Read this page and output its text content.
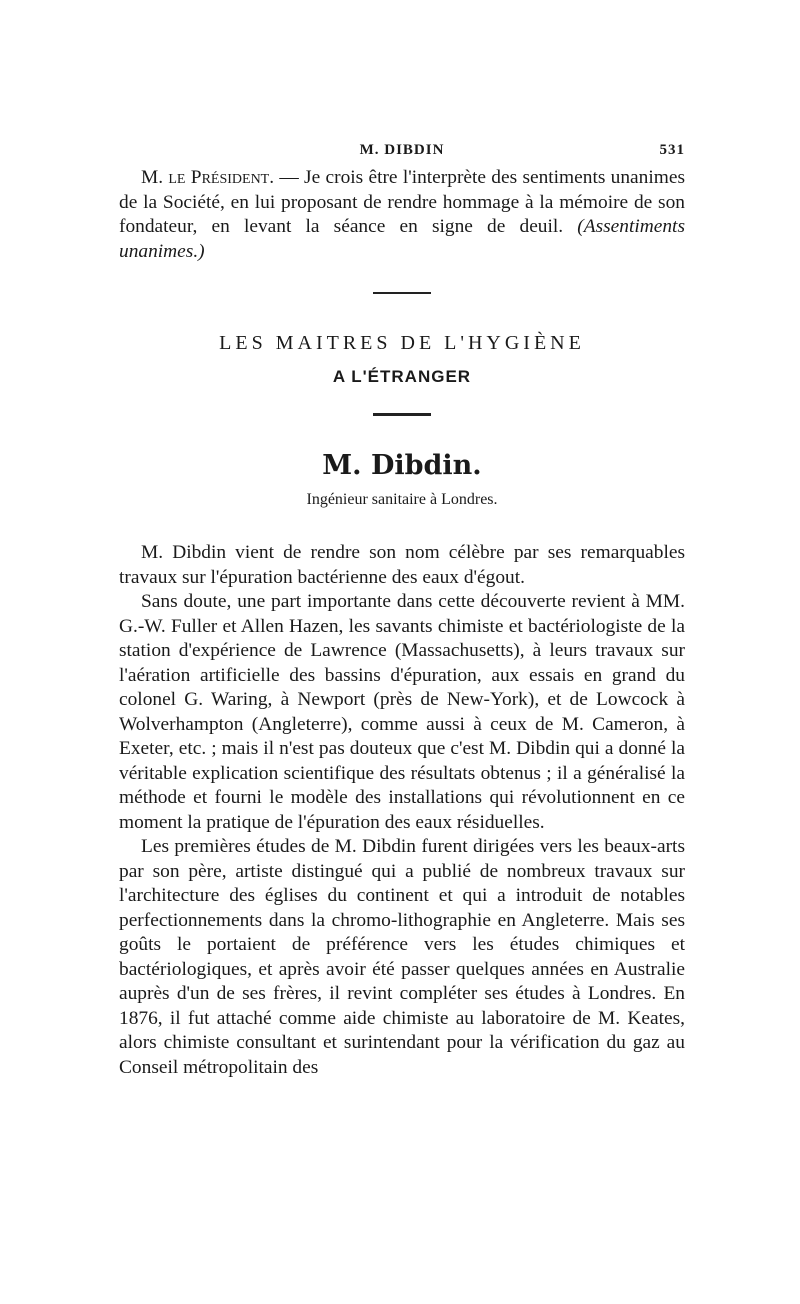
M. DIBDIN	531

M. le Président. — Je crois être l'interprète des sentiments unanimes de la Société, en lui proposant de rendre hommage à la mémoire de son fondateur, en levant la séance en signe de deuil. (Assentiments unanimes.)

LES MAITRES DE L'HYGIÈNE
A L'ÉTRANGER
M. Dibdin.
Ingénieur sanitaire à Londres.

M. Dibdin vient de rendre son nom célèbre par ses remarquables travaux sur l'épuration bactérienne des eaux d'égout.

Sans doute, une part importante dans cette découverte revient à MM. G.-W. Fuller et Allen Hazen, les savants chimiste et bactériologiste de la station d'expérience de Lawrence (Massachusetts), à leurs travaux sur l'aération artificielle des bassins d'épuration, aux essais en grand du colonel G. Waring, à Newport (près de New-York), et de Lowcock à Wolverhampton (Angleterre), comme aussi à ceux de M. Cameron, à Exeter, etc. ; mais il n'est pas douteux que c'est M. Dibdin qui a donné la véritable explication scientifique des résultats obtenus ; il a généralisé la méthode et fourni le modèle des installations qui révolutionnent en ce moment la pratique de l'épuration des eaux résiduelles.

Les premières études de M. Dibdin furent dirigées vers les beaux-arts par son père, artiste distingué qui a publié de nombreux travaux sur l'architecture des églises du continent et qui a introduit de notables perfectionnements dans la chromo-lithographie en Angleterre. Mais ses goûts le portaient de préférence vers les études chimiques et bactériologiques, et après avoir été passer quelques années en Australie auprès d'un de ses frères, il revint compléter ses études à Londres. En 1876, il fut attaché comme aide chimiste au laboratoire de M. Keates, alors chimiste consultant et surintendant pour la vérification du gaz au Conseil métropolitain des
